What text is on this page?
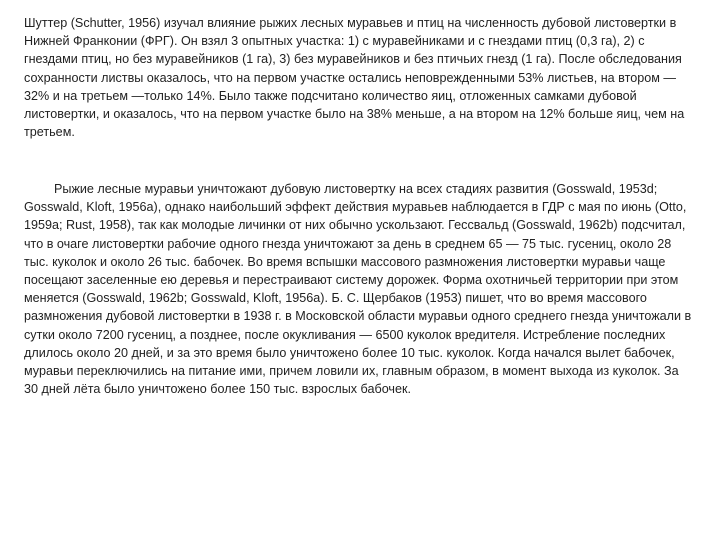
Шуттер (Schutter, 1956) изучал влияние рыжих лесных муравьев и птиц на численность дубовой листовертки в Нижней Франконии (ФРГ). Он взял 3 опытных участка: 1) с муравейниками и с гнездами птиц (0,3 га), 2) с гнездами птиц, но без муравейников (1 га), 3) без муравейников и без птичьих гнезд (1 га). После обследования сохранности листвы оказалось, что на первом участке остались неповрежденными 53% листьев, на втором — 32% и на третьем —только 14%. Было также подсчитано количество яиц, отложенных самками дубовой листовертки, и оказалось, что на первом участке было на 38% меньше, а на втором на 12% больше яиц, чем на третьем.

Рыжие лесные муравьи уничтожают дубовую листовертку на всех стадиях развития (Gosswald, 1953d; Gosswald, Kloft, 1956a), однако наибольший эффект действия муравьев наблюдается в ГДР с мая по июнь (Otto, 1959a; Rust, 1958), так как молодые личинки от них обычно ускользают. Гессвальд (Gosswald, 1962b) подсчитал, что в очаге листовертки рабочие одного гнезда уничтожают за день в среднем 65 — 75 тыс. гусениц, около 28 тыс. куколок и около 26 тыс. бабочек. Во время вспышки массового размножения листовертки муравьи чаще посещают заселенные ею деревья и перестраивают систему дорожек. Форма охотничьей территории при этом меняется (Gosswald, 1962b; Gosswald, Kloft, 1956a). Б. С. Щербаков (1953) пишет, что во время массового размножения дубовой листовертки в 1938 г. в Московской области муравьи одного среднего гнезда уничтожали в сутки около 7200 гусениц, а позднее, после окукливания — 6500 куколок вредителя. Истребление последних длилось около 20 дней, и за это время было уничтожено более 10 тыс. куколок. Когда начался вылет бабочек, муравьи переключились на питание ими, причем ловили их, главным образом, в момент выхода из куколок. За 30 дней лёта было уничтожено более 150 тыс. взрослых бабочек.
